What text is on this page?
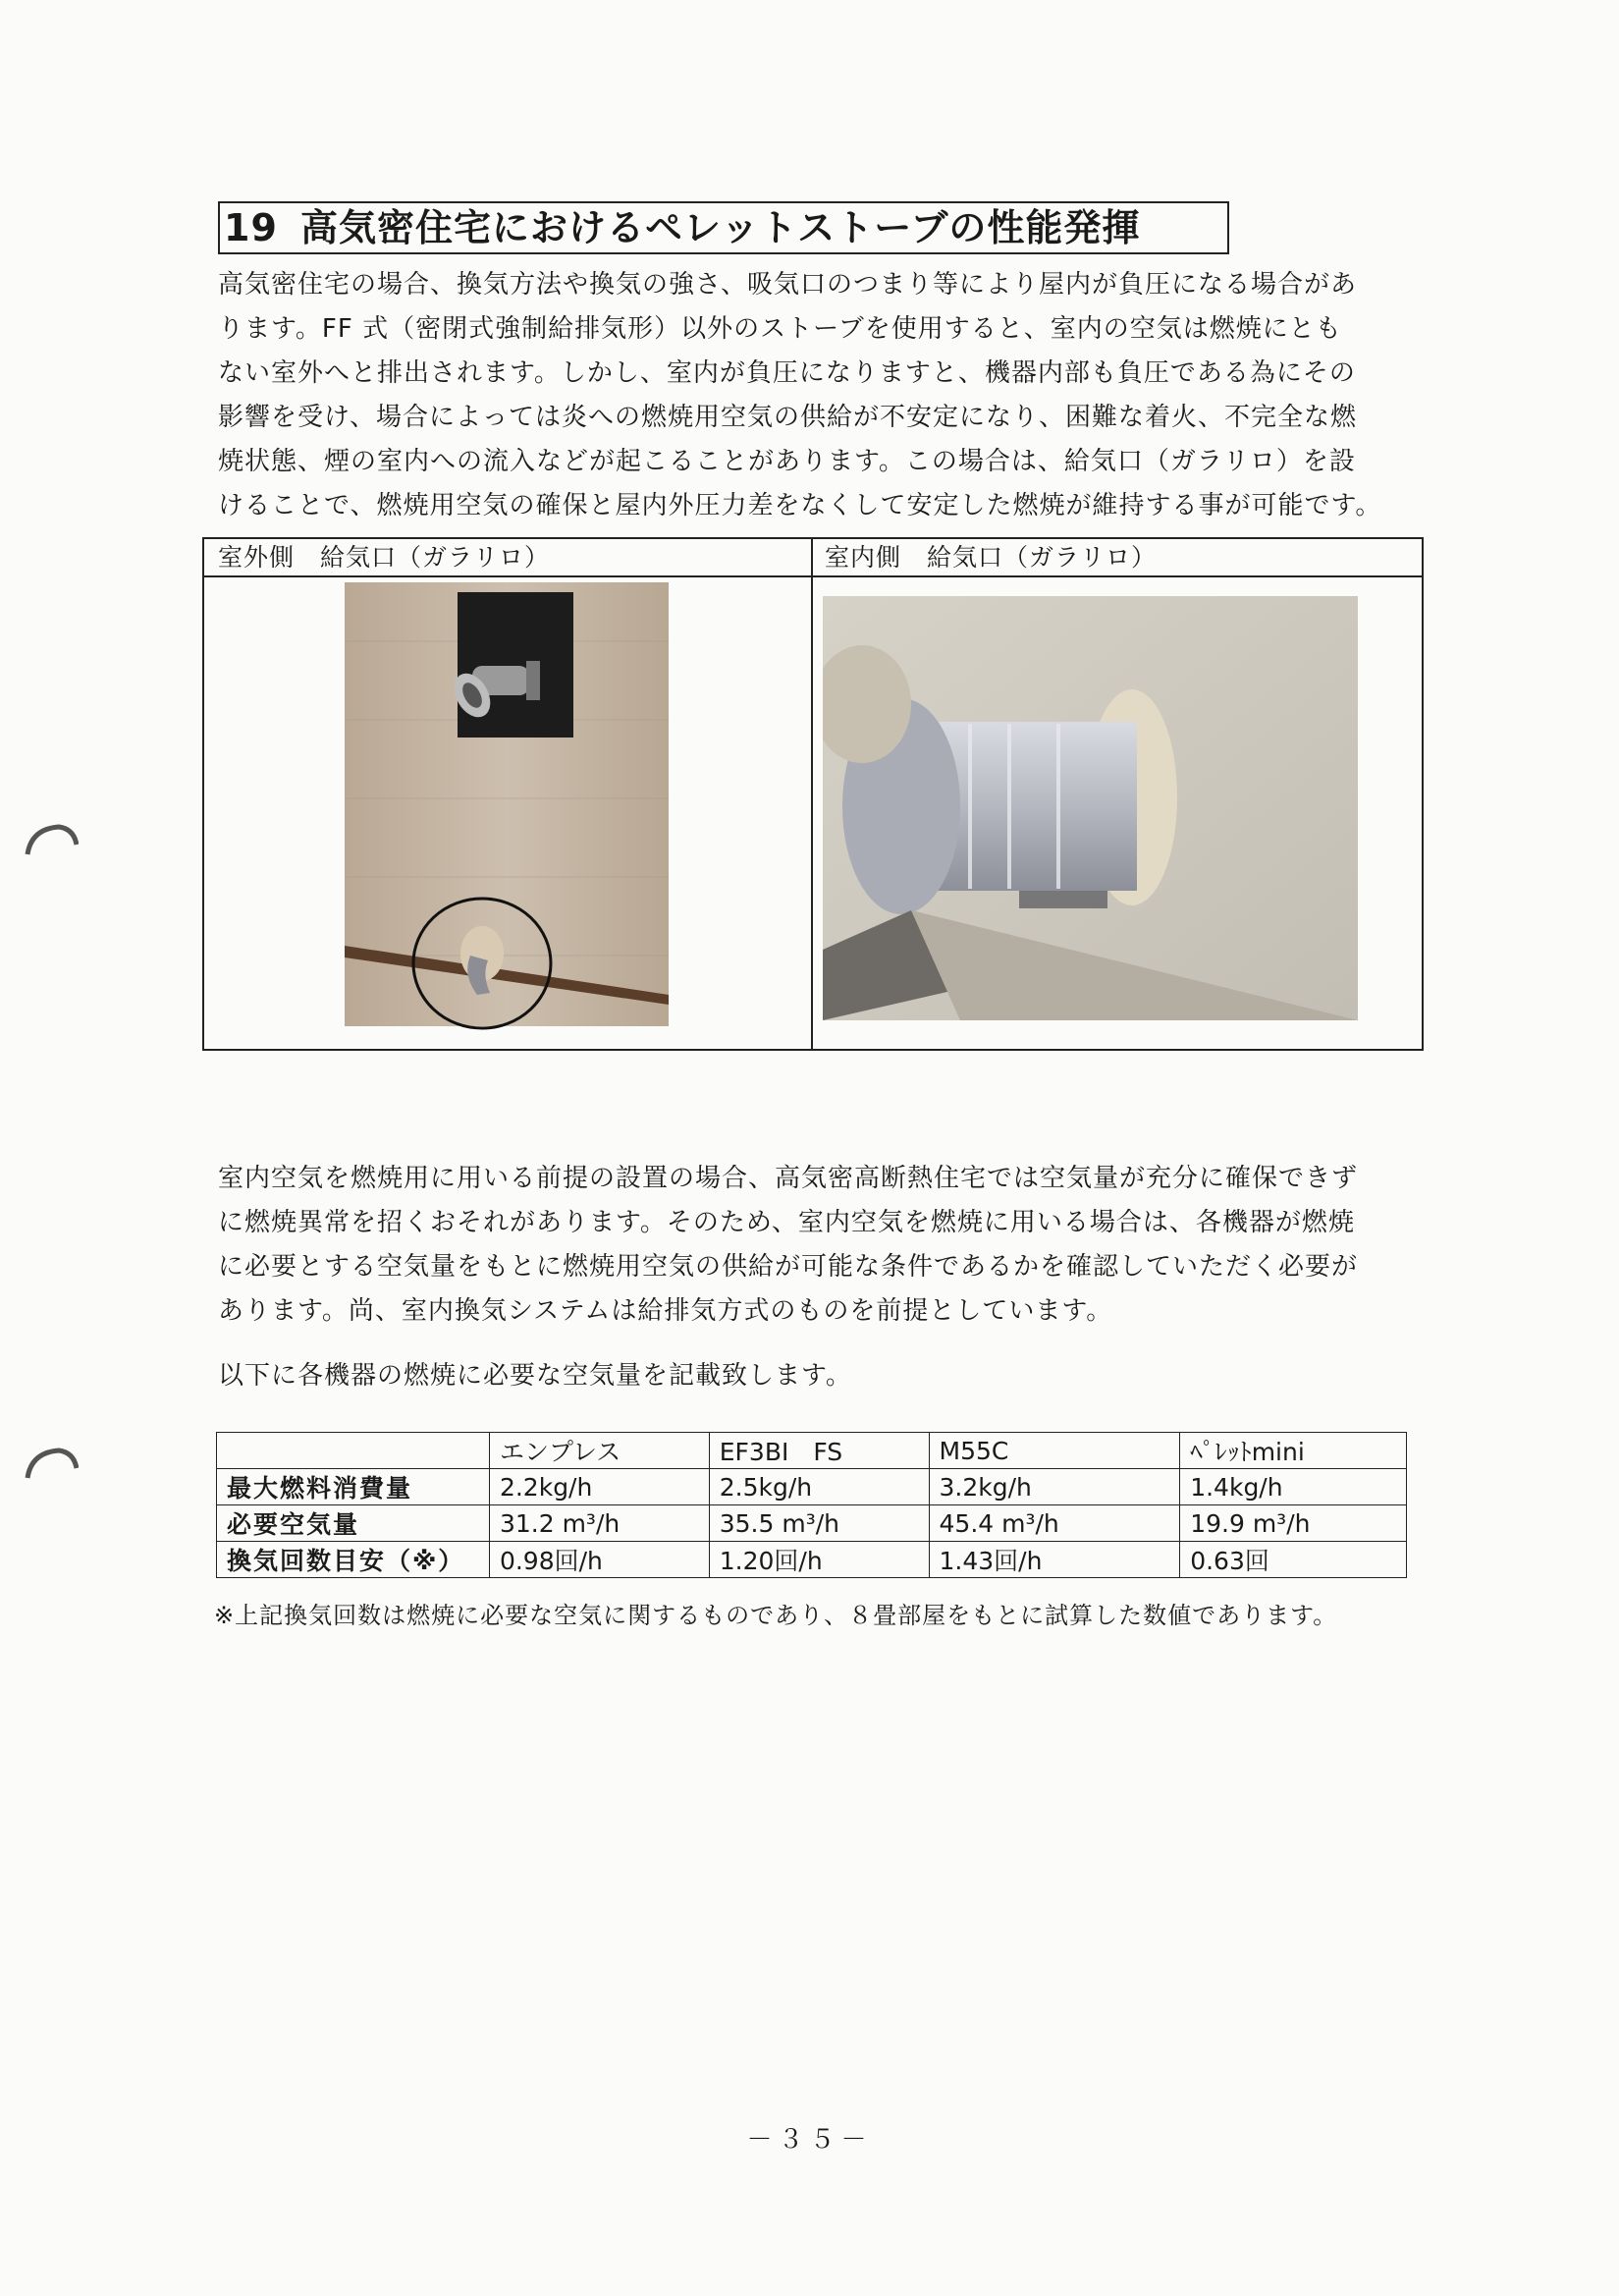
19 高気密住宅におけるペレットストーブの性能発揮

高気密住宅の場合、換気方法や換気の強さ、吸気口のつまり等により屋内が負圧になる場合があ

ります。FF 式（密閉式強制給排気形）以外のストーブを使用すると、室内の空気は燃焼にとも

ない室外へと排出されます。しかし、室内が負圧になりますと、機器内部も負圧である為にその

影響を受け、場合によっては炎への燃焼用空気の供給が不安定になり、困難な着火、不完全な燃

焼状態、煙の室内への流入などが起こることがあります。この場合は、給気口（ガラリロ）を設

けることで、燃焼用空気の確保と屋内外圧力差をなくして安定した燃焼が維持する事が可能です。

室外側　給気口（ガラリロ）	室内側　給気口（ガラリロ）

室内空気を燃焼用に用いる前提の設置の場合、高気密高断熱住宅では空気量が充分に確保できず

に燃焼異常を招くおそれがあります。そのため、室内空気を燃焼に用いる場合は、各機器が燃焼

に必要とする空気量をもとに燃焼用空気の供給が可能な条件であるかを確認していただく必要が

あります。尚、室内換気システムは給排気方式のものを前提としています。

以下に各機器の燃焼に必要な空気量を記載致します。
	エンプレス	EF3BI　FS	M55C	ﾍﾟﾚｯﾄmini
最大燃料消費量	2.2kg/h	2.5kg/h	3.2kg/h	1.4kg/h
必要空気量	31.2 m³/h	35.5 m³/h	45.4 m³/h	19.9 m³/h
換気回数目安（※）	0.98回/h	1.20回/h	1.43回/h	0.63回
※上記換気回数は燃焼に必要な空気に関するものであり、８畳部屋をもとに試算した数値であります。
－３５－
